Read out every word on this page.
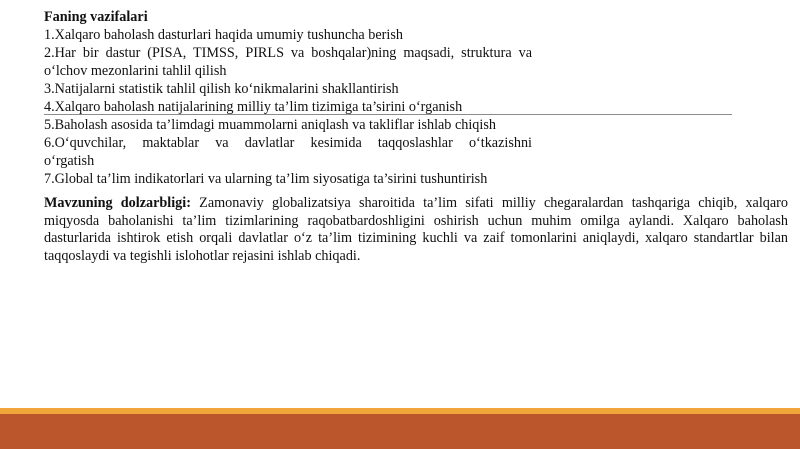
Faning vazifalari

1.Xalqaro baholash dasturlari haqida umumiy tushuncha berish

2.Har bir dastur (PISA, TIMSS, PIRLS va boshqalar)ning maqsadi, struktura va

o‘lchov mezonlarini tahlil qilish

3.Natijalarni statistik tahlil qilish ko‘nikmalarini shakllantirish

4.Xalqaro baholash natijalarining milliy ta’lim tizimiga ta’sirini o‘rganish

5.Baholash asosida ta’limdagi muammolarni aniqlash va takliflar ishlab chiqish

6.O‘quvchilar, maktablar va davlatlar kesimida taqqoslashlar o‘tkazishni

o‘rgatish

7.Global ta’lim indikatorlari va ularning ta’lim siyosatiga ta’sirini tushuntirish

Mavzuning dolzarbligi: Zamonaviy globalizatsiya sharoitida ta’lim sifati milliy chegaralardan tashqariga chiqib, xalqaro miqyosda baholanishi ta’lim tizimlarining raqobatbardoshligini oshirish uchun muhim omilga aylandi. Xalqaro baholash dasturlarida ishtirok etish orqali davlatlar o‘z ta’lim tizimining kuchli va zaif tomonlarini aniqlaydi, xalqaro standartlar bilan taqqoslaydi va tegishli islohotlar rejasini ishlab chiqadi.
